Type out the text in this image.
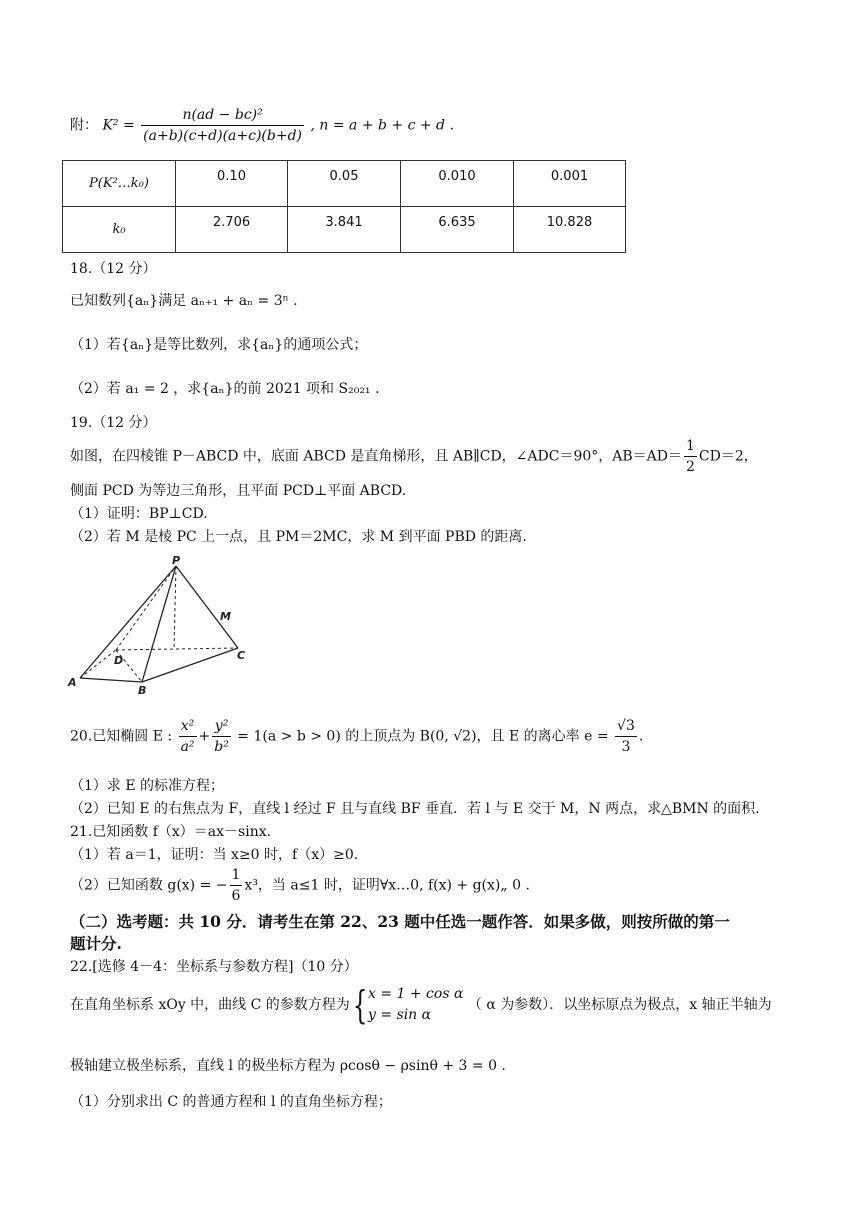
附： $K^2 = \frac{\text{n(ad − bc)²}}{(a+b)(c+d)(a+c)(b+d)}$ , n = a + b + c + d .
P(K²…k₀)	0.10	0.05	0.010	0.001
k₀	2.706	3.841	6.635	10.828
18.（12 分）
已知数列{aₙ}满足 aₙ₊₁ + aₙ = 3ⁿ .
（1）若{aₙ}是等比数列，求{aₙ}的通项公式；
（2）若 a₁ = 2 ，求{aₙ}的前 2021 项和 S₂₀₂₁ .
19.（12 分）
如图，在四棱锥 P－ABCD 中，底面 ABCD 是直角梯形，且 AB∥CD，∠ADC＝90°，$AB=AD= \frac{1}{2} CD=2$，
侧面 PCD 为等边三角形，且平面 PCD⊥平面 ABCD.
（1）证明：BP⊥CD.
（2）若 M 是棱 PC 上一点，且 PM＝2MC，求 M 到平面 PBD 的距离.
P
M
D	C
A
B
20.已知椭圆 E : $\frac{\text{x²}}{\text{a²}} + \frac{\text{y²}}{\text{b²}} = 1(a > b > 0)$ 的上顶点为 B(0, √2)，且 E 的离心率 $e = \frac{√3}{3}$ .
（1）求 E 的标准方程；
（2）已知 E 的右焦点为 F，直线 l 经过 F 且与直线 BF 垂直．若 l 与 E 交于 M，N 两点，求△BMN 的面积.
21.已知函数 f（x）＝ax－sinx.
（1）若 a＝1，证明：当 x≥0 时，f（x）≥0.
（2）已知函数 g(x) = − $\frac{1}{6} x^3$，当 a≤1 时，证明∀x…0, f(x) + g(x)„ 0 .
（二）选考题：共 10 分．请考生在第 22、23 题中任选一题作答．如果多做，则按所做的第一
题计分.
22.[选修 4－4：坐标系与参数方程]（10 分）
在直角坐标系 xOy 中，曲线 C 的参数方程为{ x = 1 + cos α
y = sin α
（ α 为参数）．以坐标原点为极点，x 轴正半轴为
极轴建立极坐标系，直线 l 的极坐标方程为 ρcosθ − ρsinθ + 3 = 0 .
（1）分别求出 C 的普通方程和 l 的直角坐标方程；
